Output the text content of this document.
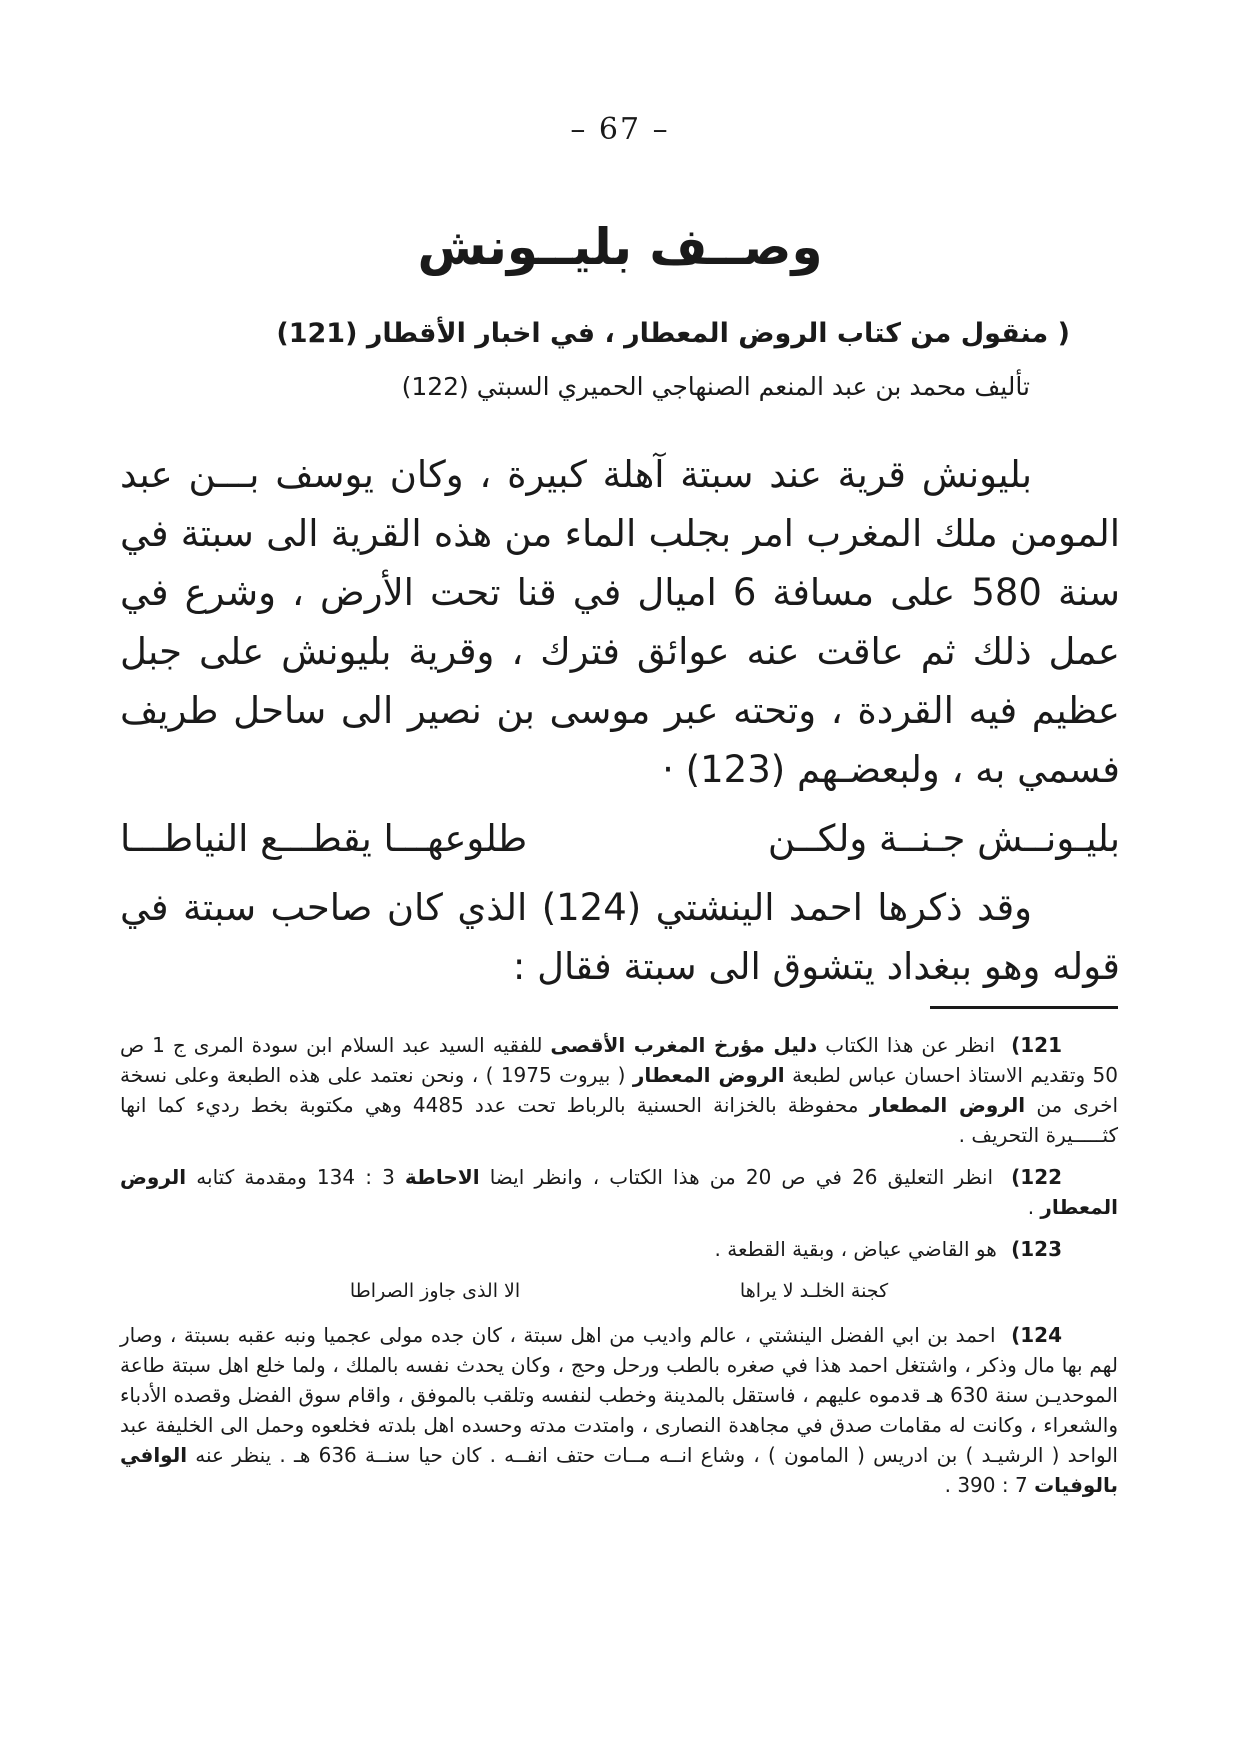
– 67 –
وصــف بليــونش
( منقول من كتاب الروض المعطار ، في اخبار الأقطار (121)
تأليف محمد بن عبد المنعم الصنهاجي الحميري السبتي (122)

بليونش قرية عند سبتة آهلة كبيرة ، وكان يوسف بـــن عبد المومن ملك المغرب امر بجلب الماء من هذه القرية الى سبتة في سنة 580 على مسافة 6 اميال في قنا تحت الأرض ، وشرع في عمل ذلك ثم عاقت عنه عوائق فترك ، وقرية بليونش على جبل عظيم فيه القردة ، وتحته عبر موسى بن نصير الى ساحل طريف فسمي به ، ولبعضـهم (123) ·

بليـونــش جـنــة ولكــن
طلوعهـــا يقطـــع النياطـــا

وقد ذكرها احمد الينشتي (124) الذي كان صاحب سبتة في قوله وهو ببغداد يتشوق الى سبتة فقال :

121) انظر عن هذا الكتاب دليل مؤرخ المغرب الأقصى للفقيه السيد عبد السلام ابن سودة المرى ج 1 ص 50 وتقديم الاستاذ احسان عباس لطبعة الروض المعطار ( بيروت 1975 ) ، ونحن نعتمد على هذه الطبعة وعلى نسخة اخرى من الروض المطعار محفوظة بالخزانة الحسنية بالرباط تحت عدد 4485 وهي مكتوبة بخط رديء كما انها كثـــــيرة التحريف .

122) انظر التعليق 26 في ص 20 من هذا الكتاب ، وانظر ايضا الاحاطة 3 : 134 ومقدمة كتابه الروض المعطار .

123) هو القاضي عياض ، وبقية القطعة .

كجنة الخلـد لا يراها
الا الذى جاوز الصراطا

124) احمد بن ابي الفضل الينشتي ، عالم واديب من اهل سبتة ، كان جده مولى عجميا ونبه عقبه بسبتة ، وصار لهم بها مال وذكر ، واشتغل احمد هذا في صغره بالطب ورحل وحج ، وكان يحدث نفسه بالملك ، ولما خلع اهل سبتة طاعة الموحديـن سنة 630 هـ قدموه عليهم ، فاستقل بالمدينة وخطب لنفسه وتلقب بالموفق ، واقام سوق الفضل وقصده الأدباء والشعراء ، وكانت له مقامات صدق في مجاهدة النصارى ، وامتدت مدته وحسده اهل بلدته فخلعوه وحمل الى الخليفة عبد الواحد ( الرشيـد ) بن ادريس ( المامون ) ، وشاع انــه مــات حتف انفــه . كان حيا سنــة 636 هـ . ينظر عنه الوافي بالوفيات 7 : 390 .
